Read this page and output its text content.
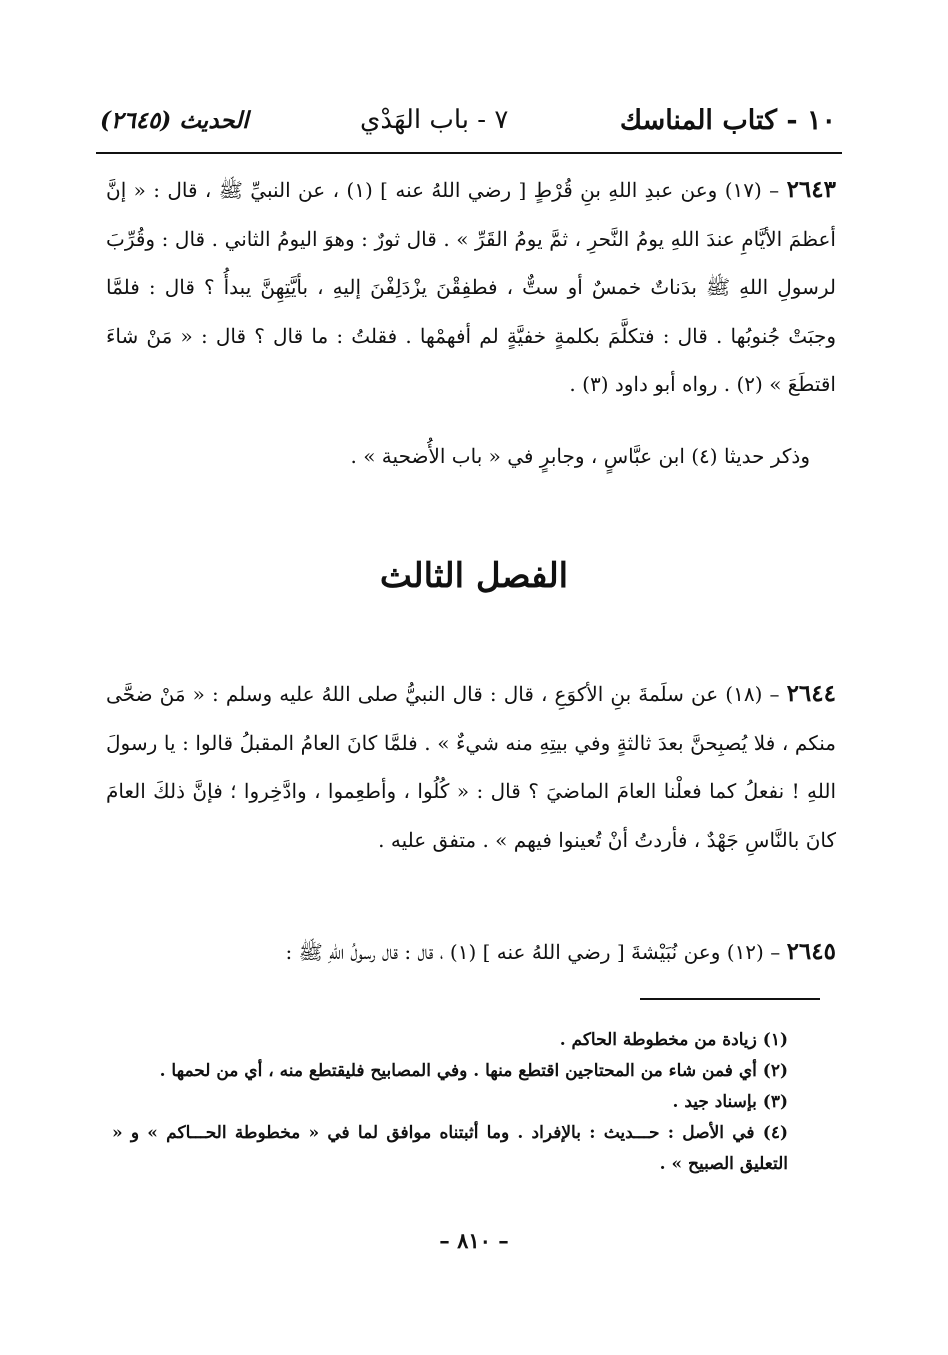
١٠ - كتاب المناسك
٧ - باب الهَدْي
الحديث (٢٦٤٥)

٢٦٤٣ – (١٧) وعن عبدِ اللهِ بنِ قُرْطٍ [ رضي اللهُ عنه ] (١) ، عن النبيِّ ﷺ ، قال : « إنَّ أعظمَ الأيَّامِ عندَ اللهِ يومُ النَّحرِ ، ثمَّ يومُ القَرِّ » . قال ثورٌ : وهوَ اليومُ الثاني . قال : وقُرِّبَ لرسولِ اللهِ ﷺ بدَناتٌ خمسٌ أو ستٌّ ، فطفِقْنَ يزْدَلِفْنَ إليهِ ، بأيَّتِهِنَّ يبدأُ ؟ قال : فلمَّا وجبَتْ جُنوبُها . قال : فتكلَّمَ بكلمةٍ خفيَّةٍ لم أفهمْها . فقلتُ : ما قال ؟ قال : « مَنْ شاءَ اقتطَعَ » (٢) . رواه أبو داود (٣) .

وذكر حديثا (٤) ابن عبَّاسٍ ، وجابرٍ في « باب الأُضحية » .

الفصل الثالث

٢٦٤٤ – (١٨) عن سلَمةَ بنِ الأكوَعِ ، قال : قال النبيُّ صلى اللهُ عليه وسلم : « مَنْ ضحَّى منكم ، فلا يُصبِحنَّ بعدَ ثالثةٍ وفي بيتِهِ منه شيءٌ » . فلمَّا كانَ العامُ المقبلُ قالوا : يا رسولَ اللهِ ! نفعلُ كما فعلْنا العامَ الماضيَ ؟ قال : « كُلُوا ، وأطعِموا ، وادَّخِروا ؛ فإنَّ ذلكَ العامَ كانَ بالنَّاسِ جَهْدٌ ، فأردتُ أنْ تُعينوا فيهم » . متفق عليه .

٢٦٤٥ – (١٢) وعن نُبَيْشةَ [ رضي اللهُ عنه ] (١) ، قال : قال رسولُ اللهِ ﷺ :

(١) زيادة من مخطوطة الحاكم .

(٢) أي فمن شاء من المحتاجين اقتطع منها . وفي المصابيح فليقتطع منه ، أي من لحمها .

(٣) بإسناد جيد .

(٤) في الأصل : حـــديث : بالإفراد . وما أثبتناه موافق لما في « مخطوطة الحـــاكم » و « التعليق الصبيح » .

– ٨١٠ –
